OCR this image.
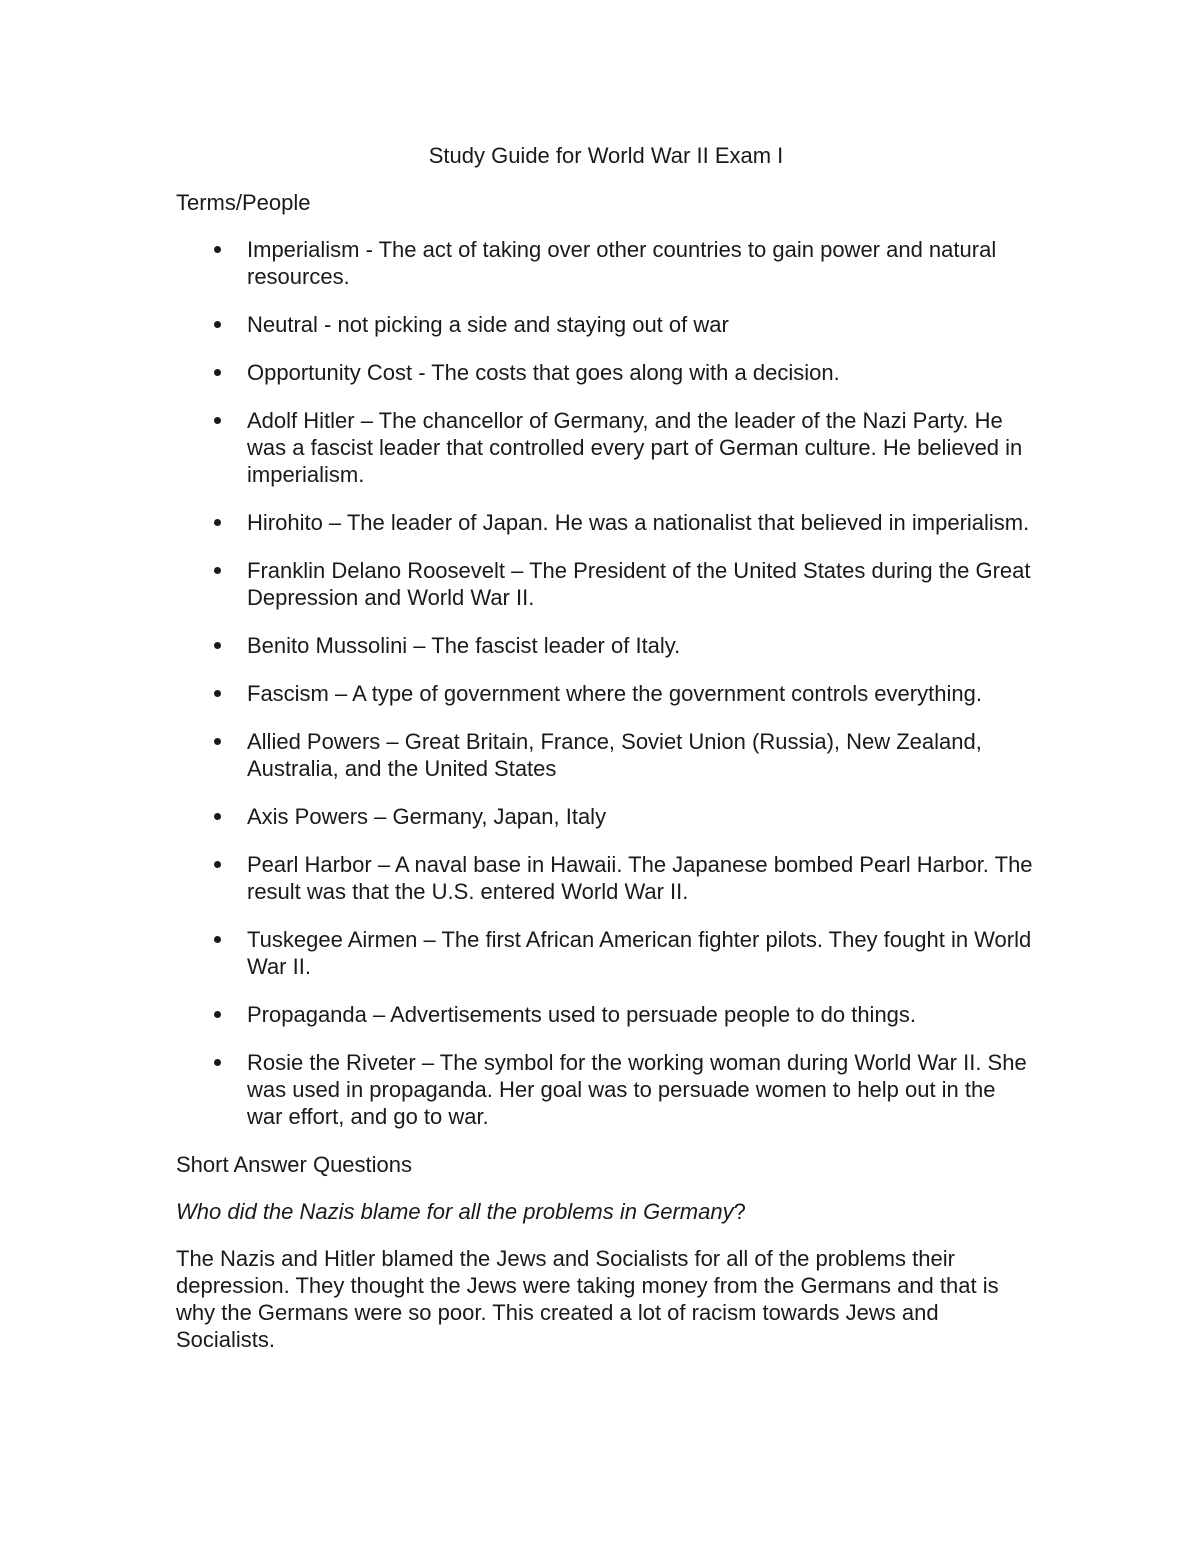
Study Guide for World War II Exam I
Terms/People
Imperialism - The act of taking over other countries to gain power and natural resources.
Neutral - not picking a side and staying out of war
Opportunity Cost - The costs that goes along with a decision.
Adolf Hitler – The chancellor of Germany, and the leader of the Nazi Party. He was a fascist leader that controlled every part of German culture. He believed in imperialism.
Hirohito – The leader of Japan. He was a nationalist that believed in imperialism.
Franklin Delano Roosevelt – The President of the United States during the Great Depression and World War II.
Benito Mussolini – The fascist leader of Italy.
Fascism – A type of government where the government controls everything.
Allied Powers – Great Britain, France, Soviet Union (Russia), New Zealand, Australia, and the United States
Axis Powers – Germany, Japan, Italy
Pearl Harbor – A naval base in Hawaii. The Japanese bombed Pearl Harbor. The result was that the U.S. entered World War II.
Tuskegee Airmen – The first African American fighter pilots. They fought in World War II.
Propaganda – Advertisements used to persuade people to do things.
Rosie the Riveter – The symbol for the working woman during World War II. She was used in propaganda. Her goal was to persuade women to help out in the war effort, and go to war.
Short Answer Questions
Who did the Nazis blame for all the problems in Germany?
The Nazis and Hitler blamed the Jews and Socialists for all of the problems their depression. They thought the Jews were taking money from the Germans and that is why the Germans were so poor. This created a lot of racism towards Jews and Socialists.
